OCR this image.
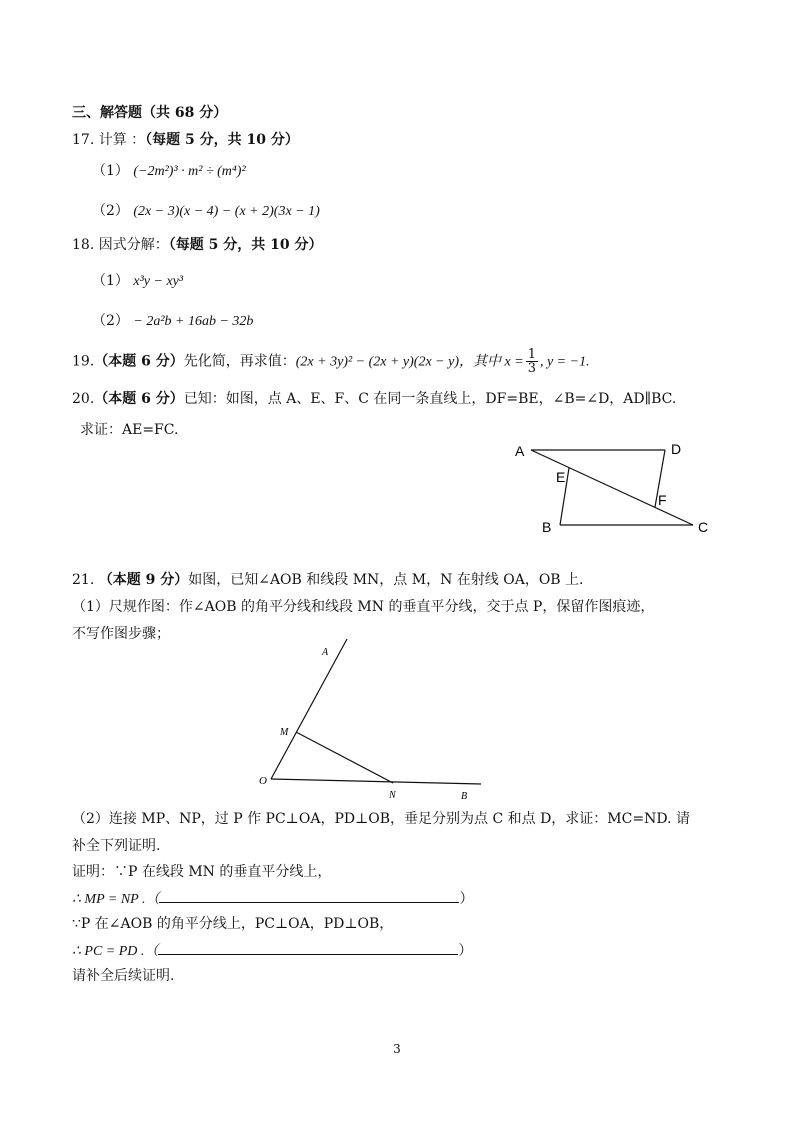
三、解答题（共 68 分）
17. 计算 ：（每题 5 分，共 10 分）
（1） (−2m²)³ · m² ÷ (m⁴)²
（2） (2x − 3)(x − 4) − (x + 2)(3x − 1)
18. 因式分解：（每题 5 分，共 10 分）
（1） x³y − xy³
（2） − 2a²b + 16ab − 32b
19.（本题 6 分）先化简，再求值：(2x + 3y)² − (2x + y)(2x − y)，其中 $x = \frac{1}{3}$ , y = −1.
20.（本题 6 分）已知：如图，点 A、E、F、C 在同一条直线上，DF=BE，∠B=∠D，AD∥BC.
求证：AE=FC.
A	D
E
F
B	C
21. （本题 9 分）如图，已知∠AOB 和线段 MN，点 M，N 在射线 OA，OB 上.
（1）尺规作图：作∠AOB 的角平分线和线段 MN 的垂直平分线，交于点 P，保留作图痕迹，
不写作图步骤；
A
M
O
N	B
（2）连接 MP、NP，过 P 作 PC⊥OA，PD⊥OB，垂足分别为点 C 和点 D，求证：MC=ND. 请
补全下列证明.
证明：∵P 在线段 MN 的垂直平分线上，
∴ MP = NP .（	）
∵P 在∠AOB 的角平分线上，PC⊥OA，PD⊥OB，
∴ PC = PD .（	）
请补全后续证明.
3
